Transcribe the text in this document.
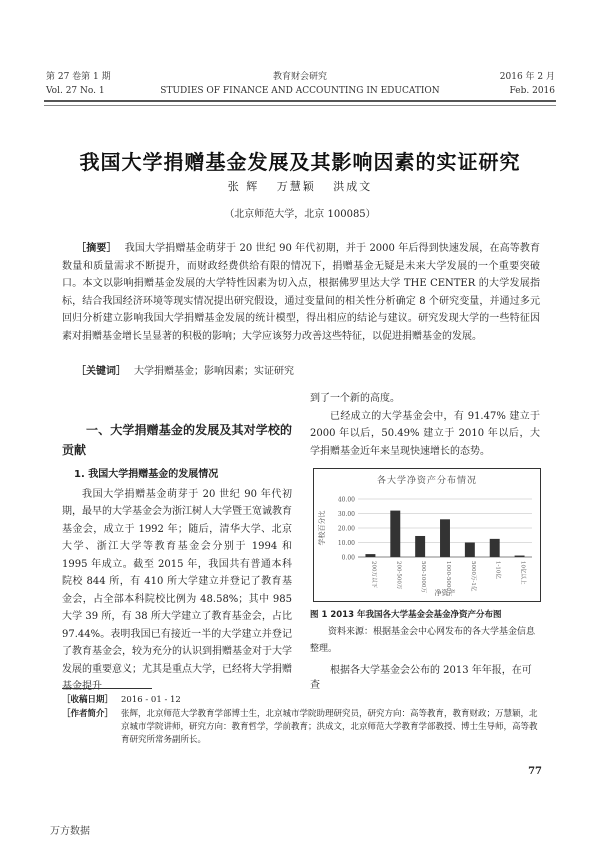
第 27 卷第 1 期
Vol. 27 No. 1
教育财会研究
STUDIES OF FINANCE AND ACCOUNTING IN EDUCATION
2016 年 2 月
Feb. 2016
我国大学捐赠基金发展及其影响因素的实证研究
张 辉 万慧颖 洪成文
（北京师范大学，北京 100085）
［摘要］ 我国大学捐赠基金萌芽于 20 世纪 90 年代初期，并于 2000 年后得到快速发展，在高等教育数量和质量需求不断提升，而财政经费供给有限的情况下，捐赠基金无疑是未来大学发展的一个重要突破口。本文以影响捐赠基金发展的大学特性因素为切入点，根据佛罗里达大学 THE CENTER 的大学发展指标，结合我国经济环境等现实情况提出研究假设，通过变量间的相关性分析确定 8 个研究变量，并通过多元回归分析建立影响我国大学捐赠基金发展的统计模型，得出相应的结论与建议。研究发现大学的一些特征因素对捐赠基金增长呈显著的积极的影响；大学应该努力改善这些特征，以促进捐赠基金的发展。
［关键词］ 大学捐赠基金；影响因素；实证研究
一、大学捐赠基金的发展及其对学校的贡献
1. 我国大学捐赠基金的发展情况

我国大学捐赠基金萌芽于 20 世纪 90 年代初期，最早的大学基金会为浙江树人大学暨王宽诚教育基金会，成立于 1992 年；随后，清华大学、北京大学、浙江大学等教育基金会分别于 1994 和 1995 年成立。截至 2015 年，我国共有普通本科院校 844 所，有 410 所大学建立并登记了教育基金会，占全部本科院校比例为 48.58%；其中 985 大学 39 所，有 38 所大学建立了教育基金会，占比 97.44%。表明我国已有接近一半的大学建立并登记了教育基金会，较为充分的认识到捐赠基金对于大学发展的重要意义；尤其是重点大学，已经将大学捐赠基金提升

到了一个新的高度。

已经成立的大学基金会中，有 91.47% 建立于 2000 年以后，50.49% 建立于 2010 年以后，大学捐赠基金近年来呈现快速增长的态势。

各大学净资产分布情况
0.00
10.00
20.00
30.00
40.00
学校百分比
200万以下	200-500万	500-1000万	1000-5000万	5000万-1亿	1-10亿	10亿以上
净资产
图 1 2013 年我国各大学基金会基金净资产分布图
资料来源：根据基金会中心网发布的各大学基金信息整理。
根据各大学基金会公布的 2013 年年报，在可查
［收稿日期］ 2016 - 01 - 12
［作者简介］ 张辉，北京师范大学教育学部博士生，北京城市学院助理研究员，研究方向：高等教育，教育财政；万慧颖，北京城市学院讲师，研究方向：教育哲学，学前教育；洪成文，北京师范大学教育学部教授、博士生导师，高等教育研究所常务副所长。
77
万方数据
